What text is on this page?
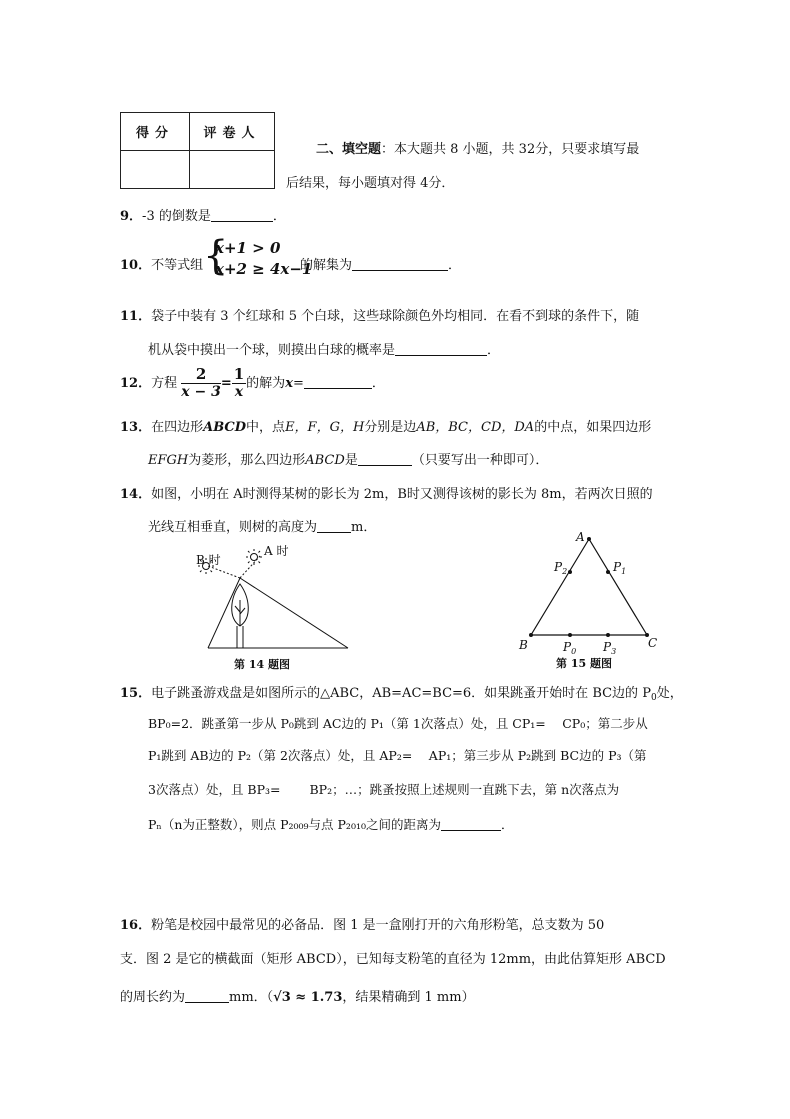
得分	评卷人

二、填空题：本大题共 8 小题，共 32分，只要求填写最
后结果，每小题填对得 4分．
9．-3 的倒数是	．
10．不等式组 {
x+1 > 0
x+2 ≥ 4x−1
的解集为	．
11．袋子中装有 3 个红球和 5 个白球，这些球除颜色外均相同．在看不到球的条件下，随
机从袋中摸出一个球，则摸出白球的概率是	．
12．方程 $\frac{2}{x - 3} = \frac{1}{x}$ 的解为x=	．
13．在四边形ABCD中，点E，F，G，H分别是边AB，BC，CD，DA的中点，如果四边形
EFGH为菱形，那么四边形ABCD是	（只要写出一种即可）．
14．如图，小明在 A时测得某树的影长为 2m，B时又测得该树的影长为 8m，若两次日照的
光线互相垂直，则树的高度为	m．
B 时
A 时
第 14 题图
A
B	C
$P_2$	$P_1$
$P_0$ $P_3$
第 15 题图
15．电子跳蚤游戏盘是如图所示的△ABC，AB=AC=BC=6．如果跳蚤开始时在 BC边的 $P_0$处，
BP₀=2．跳蚤第一步从 P₀跳到 AC边的 P₁（第 1次落点）处，且 CP₁=　 CP₀；第二步从
P₁跳到 AB边的 P₂（第 2次落点）处，且 AP₂=　 AP₁；第三步从 P₂跳到 BC边的 P₃（第
3次落点）处，且 BP₃=　　 BP₂；…；跳蚤按照上述规则一直跳下去，第 n次落点为
Pₙ（n为正整数），则点 P₂₀₀₉与点 P₂₀₁₀之间的距离为	．
16．粉笔是校园中最常见的必备品．图 1 是一盒刚打开的六角形粉笔，总支数为 50
支．图 2 是它的横截面（矩形 ABCD），已知每支粉笔的直径为 12mm，由此估算矩形 ABCD
的周长约为	mm．（√3 ≈ 1.73，结果精确到 1 mm）
